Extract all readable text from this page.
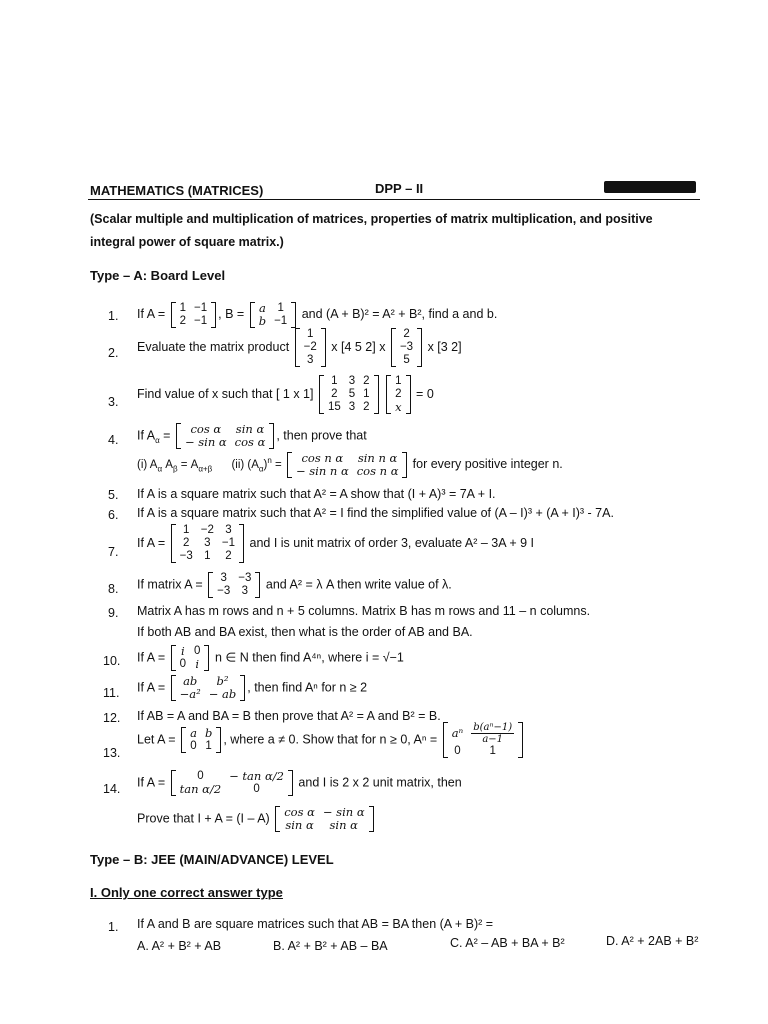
MATHEMATICS (MATRICES)	DPP – II
(Scalar multiple and multiplication of matrices, properties of matrix multiplication, and positive
integral power of square matrix.)
Type – A: Board Level
1. If A = 1	−1
2	−1 , B = a	1
b	−1 and (A + B)² = A² + B², find a and b.
2. Evaluate the matrix product
1
−2
3
x [4 5 2] x
2
−3
5
x [3 2]
3.
Find value of x such that [ 1 x 1]
1	3	2
2	5	1
15	3	2

1
2
x
= 0
4. If $A_\alpha = \cos \alpha$	sin α
− sin α	cos α , then prove that
(i) $A_\alpha$ $A_\beta = A_{\alpha+\beta}$ (ii) $(A_\alpha)^n$ =
cos n α	sin n α
− sin n α	cos n α for every positive integer n.
5. If A is a square matrix such that A² = A show that (I + A)³ = 7A + I.
6. If A is a square matrix such that A² = I find the simplified value of (A – I)³ + (A + I)³ - 7A.
7.
If A =
1	−2	3
2	3	−1
−3	1	2
and I is unit matrix of order 3, evaluate A² – 3A + 9 I
8. If matrix A = 3	−3
−3	3 and A² = λ A then write value of λ.
9. Matrix A has m rows and n + 5 columns. Matrix B has m rows and 11 – n columns.
If both AB and BA exist, then what is the order of AB and BA.
10. If A = i	0
0	i n ∈ N then find A⁴ⁿ, where i = √−1
11. If A = ab	b²
−a²	− ab , then find Aⁿ for n ≥ 2
12. If AB = A and BA = B then prove that A² = A and B² = B.
13.
Let A = a	b
0	1 , where a ≠ 0. Show that for n ≥ 0, Aⁿ = aⁿ	$\frac{\text{b(aⁿ−1)}}{a-1}$

0	1
14. If A =	0	− tan α/2
tan α/2	0	and I is 2 x 2 unit matrix, then
Prove that I + A = (I – A) cos α	− sin α
sin α	sin α
Type – B: JEE (MAIN/ADVANCE) LEVEL
I. Only one correct answer type
1. If A and B are square matrices such that AB = BA then (A + B)² =
A. A² + B² + AB	B. A² + B² + AB – BA	C. A² – AB + BA + B²	D. A² + 2AB + B²
